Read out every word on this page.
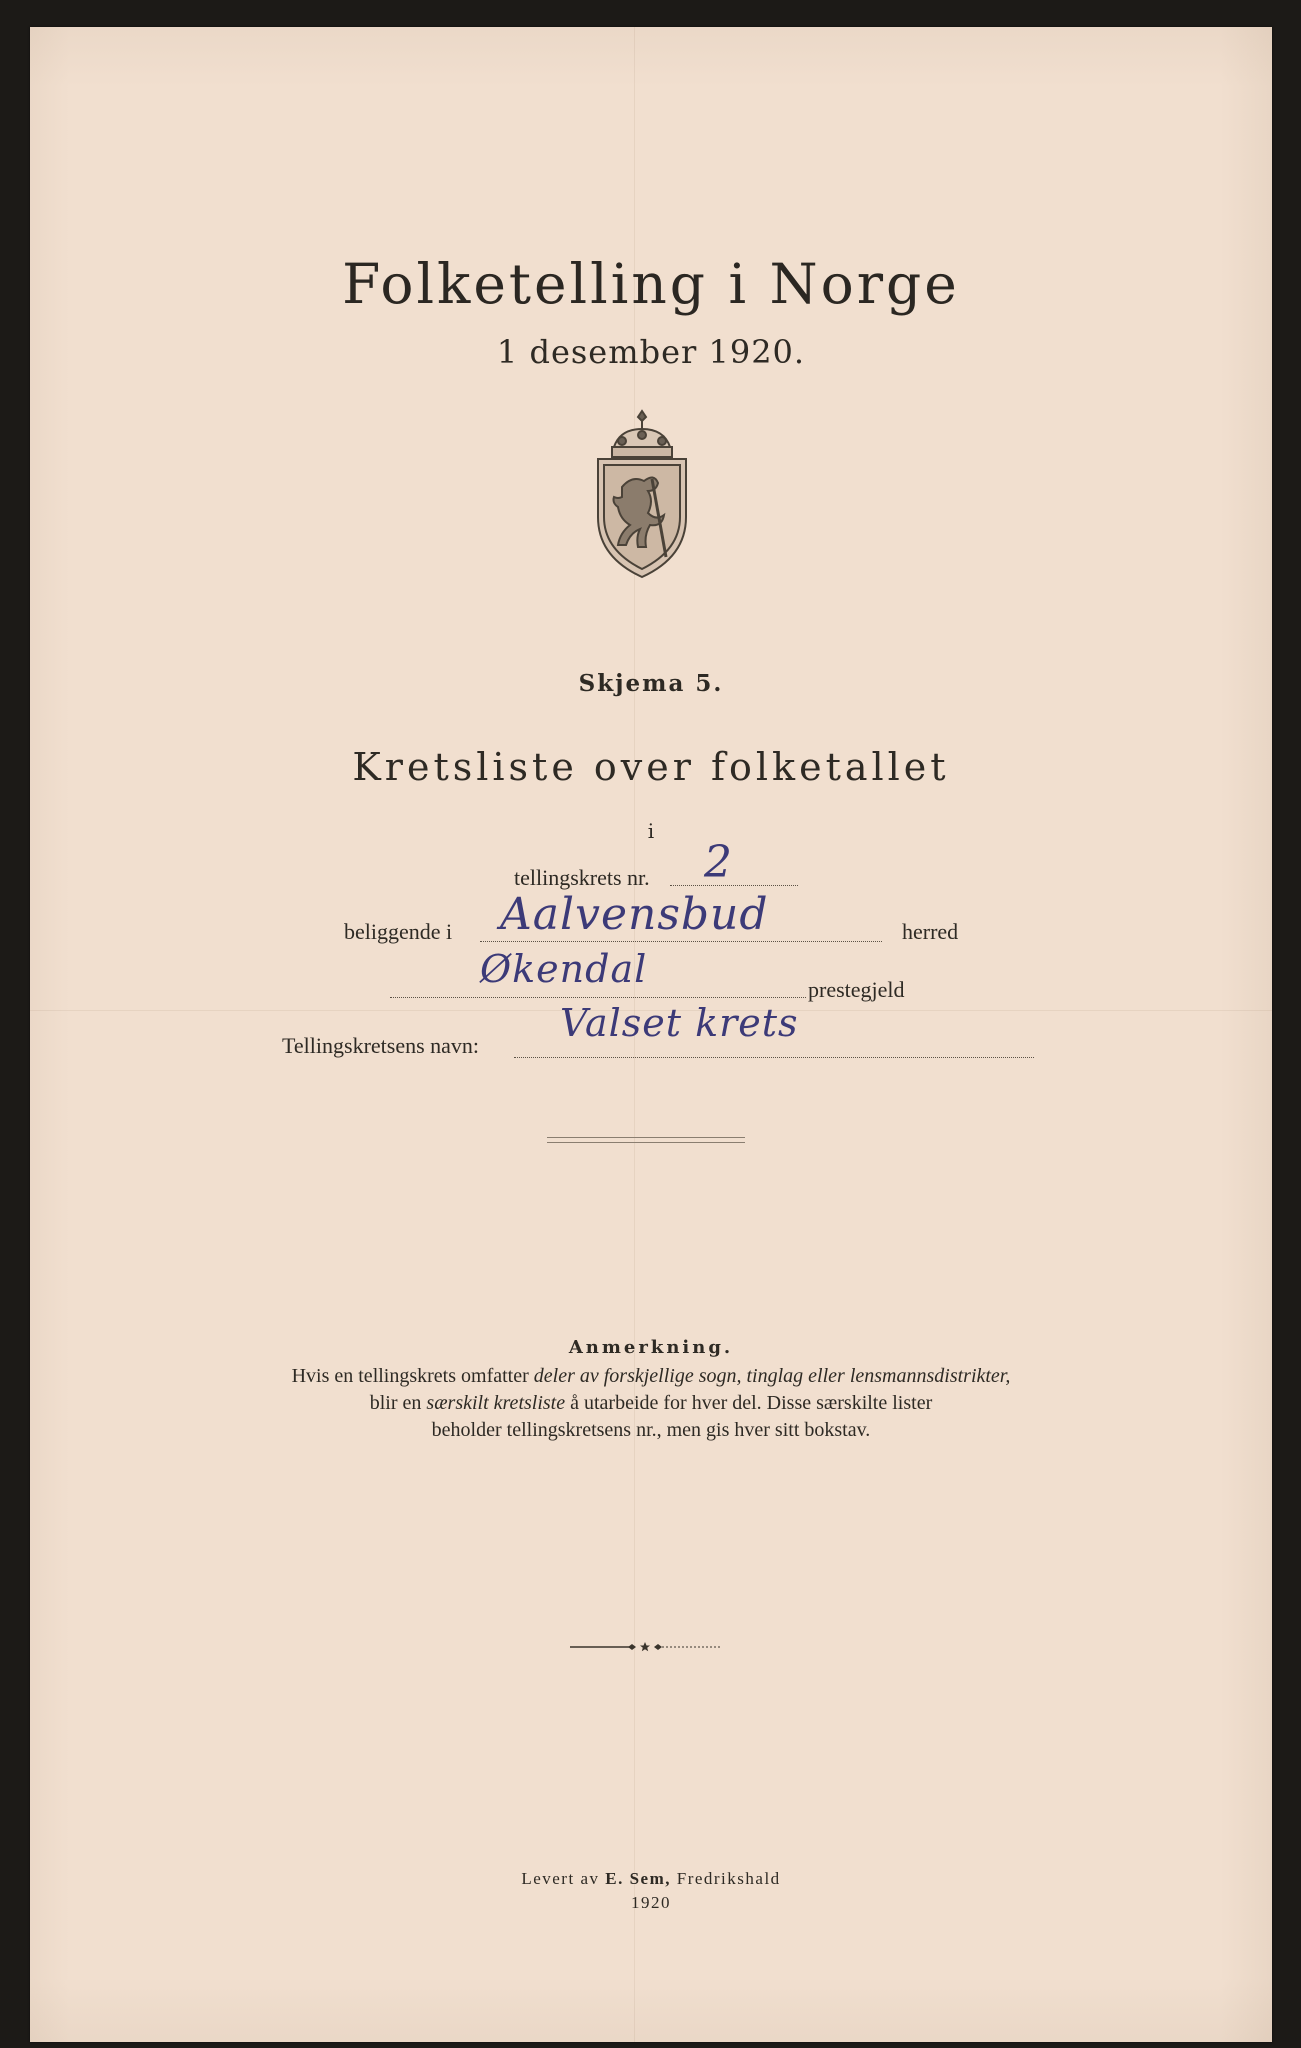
Folketelling i Norge
1 desember 1920.
Skjema 5.
Kretsliste over folketallet
i
tellingskrets nr. 2
beliggende i Aalvensbud	herred
Økendal	prestegjeld
Tellingskretsens navn:
Valset krets
Anmerkning.
Hvis en tellingskrets omfatter deler av forskjellige sogn, tinglag eller lensmannsdistrikter,
blir en særskilt kretsliste å utarbeide for hver del. Disse særskilte lister
beholder tellingskretsens nr., men gis hver sitt bokstav.
Levert av E. Sem, Fredrikshald
1920
